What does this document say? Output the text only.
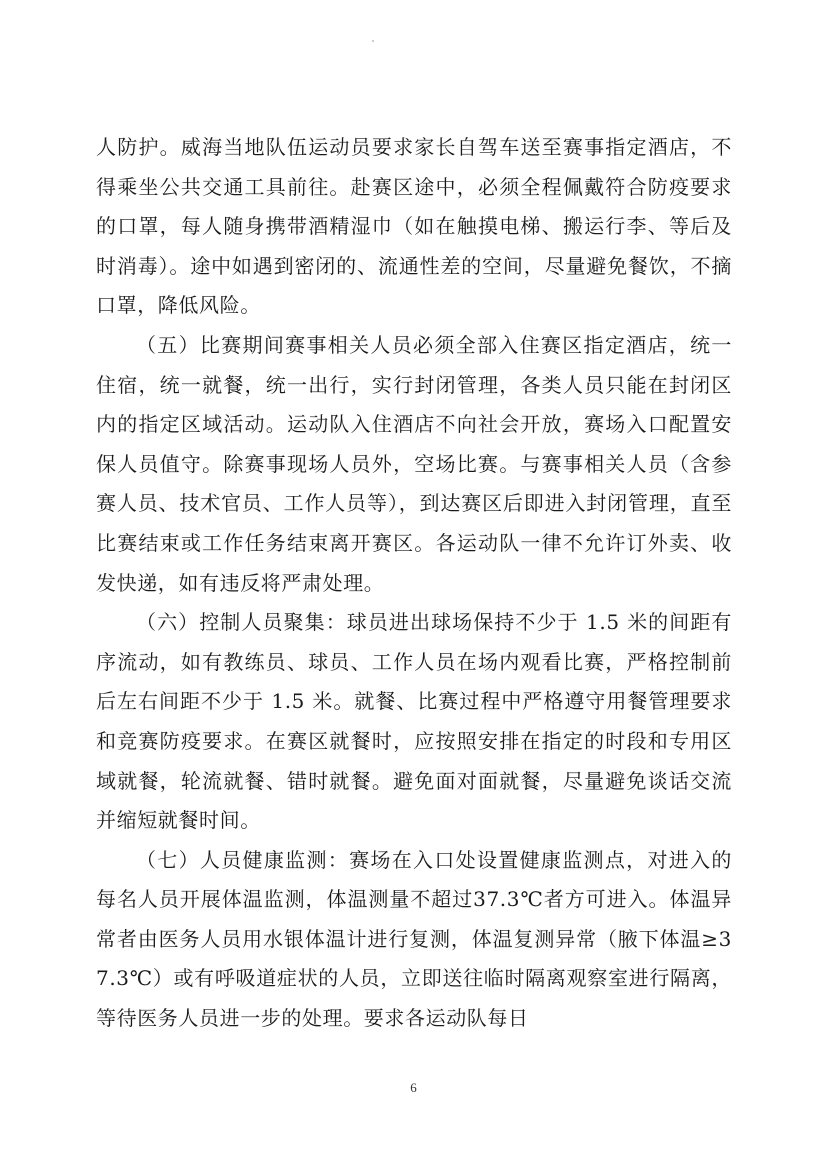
人防护。威海当地队伍运动员要求家长自驾车送至赛事指定酒店，不得乘坐公共交通工具前往。赴赛区途中，必须全程佩戴符合防疫要求的口罩，每人随身携带酒精湿巾（如在触摸电梯、搬运行李、等后及时消毒）。途中如遇到密闭的、流通性差的空间，尽量避免餐饮，不摘口罩，降低风险。

（五）比赛期间赛事相关人员必须全部入住赛区指定酒店，统一住宿，统一就餐，统一出行，实行封闭管理，各类人员只能在封闭区内的指定区域活动。运动队入住酒店不向社会开放，赛场入口配置安保人员值守。除赛事现场人员外，空场比赛。与赛事相关人员（含参赛人员、技术官员、工作人员等），到达赛区后即进入封闭管理，直至比赛结束或工作任务结束离开赛区。各运动队一律不允许订外卖、收发快递，如有违反将严肃处理。

（六）控制人员聚集：球员进出球场保持不少于 1.5 米的间距有序流动，如有教练员、球员、工作人员在场内观看比赛，严格控制前后左右间距不少于 1.5 米。就餐、比赛过程中严格遵守用餐管理要求和竞赛防疫要求。在赛区就餐时，应按照安排在指定的时段和专用区域就餐，轮流就餐、错时就餐。避免面对面就餐，尽量避免谈话交流并缩短就餐时间。

（七）人员健康监测：赛场在入口处设置健康监测点，对进入的每名人员开展体温监测，体温测量不超过37.3℃者方可进入。体温异常者由医务人员用水银体温计进行复测，体温复测异常（腋下体温≥37.3℃）或有呼吸道症状的人员，立即送往临时隔离观察室进行隔离，等待医务人员进一步的处理。要求各运动队每日

6
